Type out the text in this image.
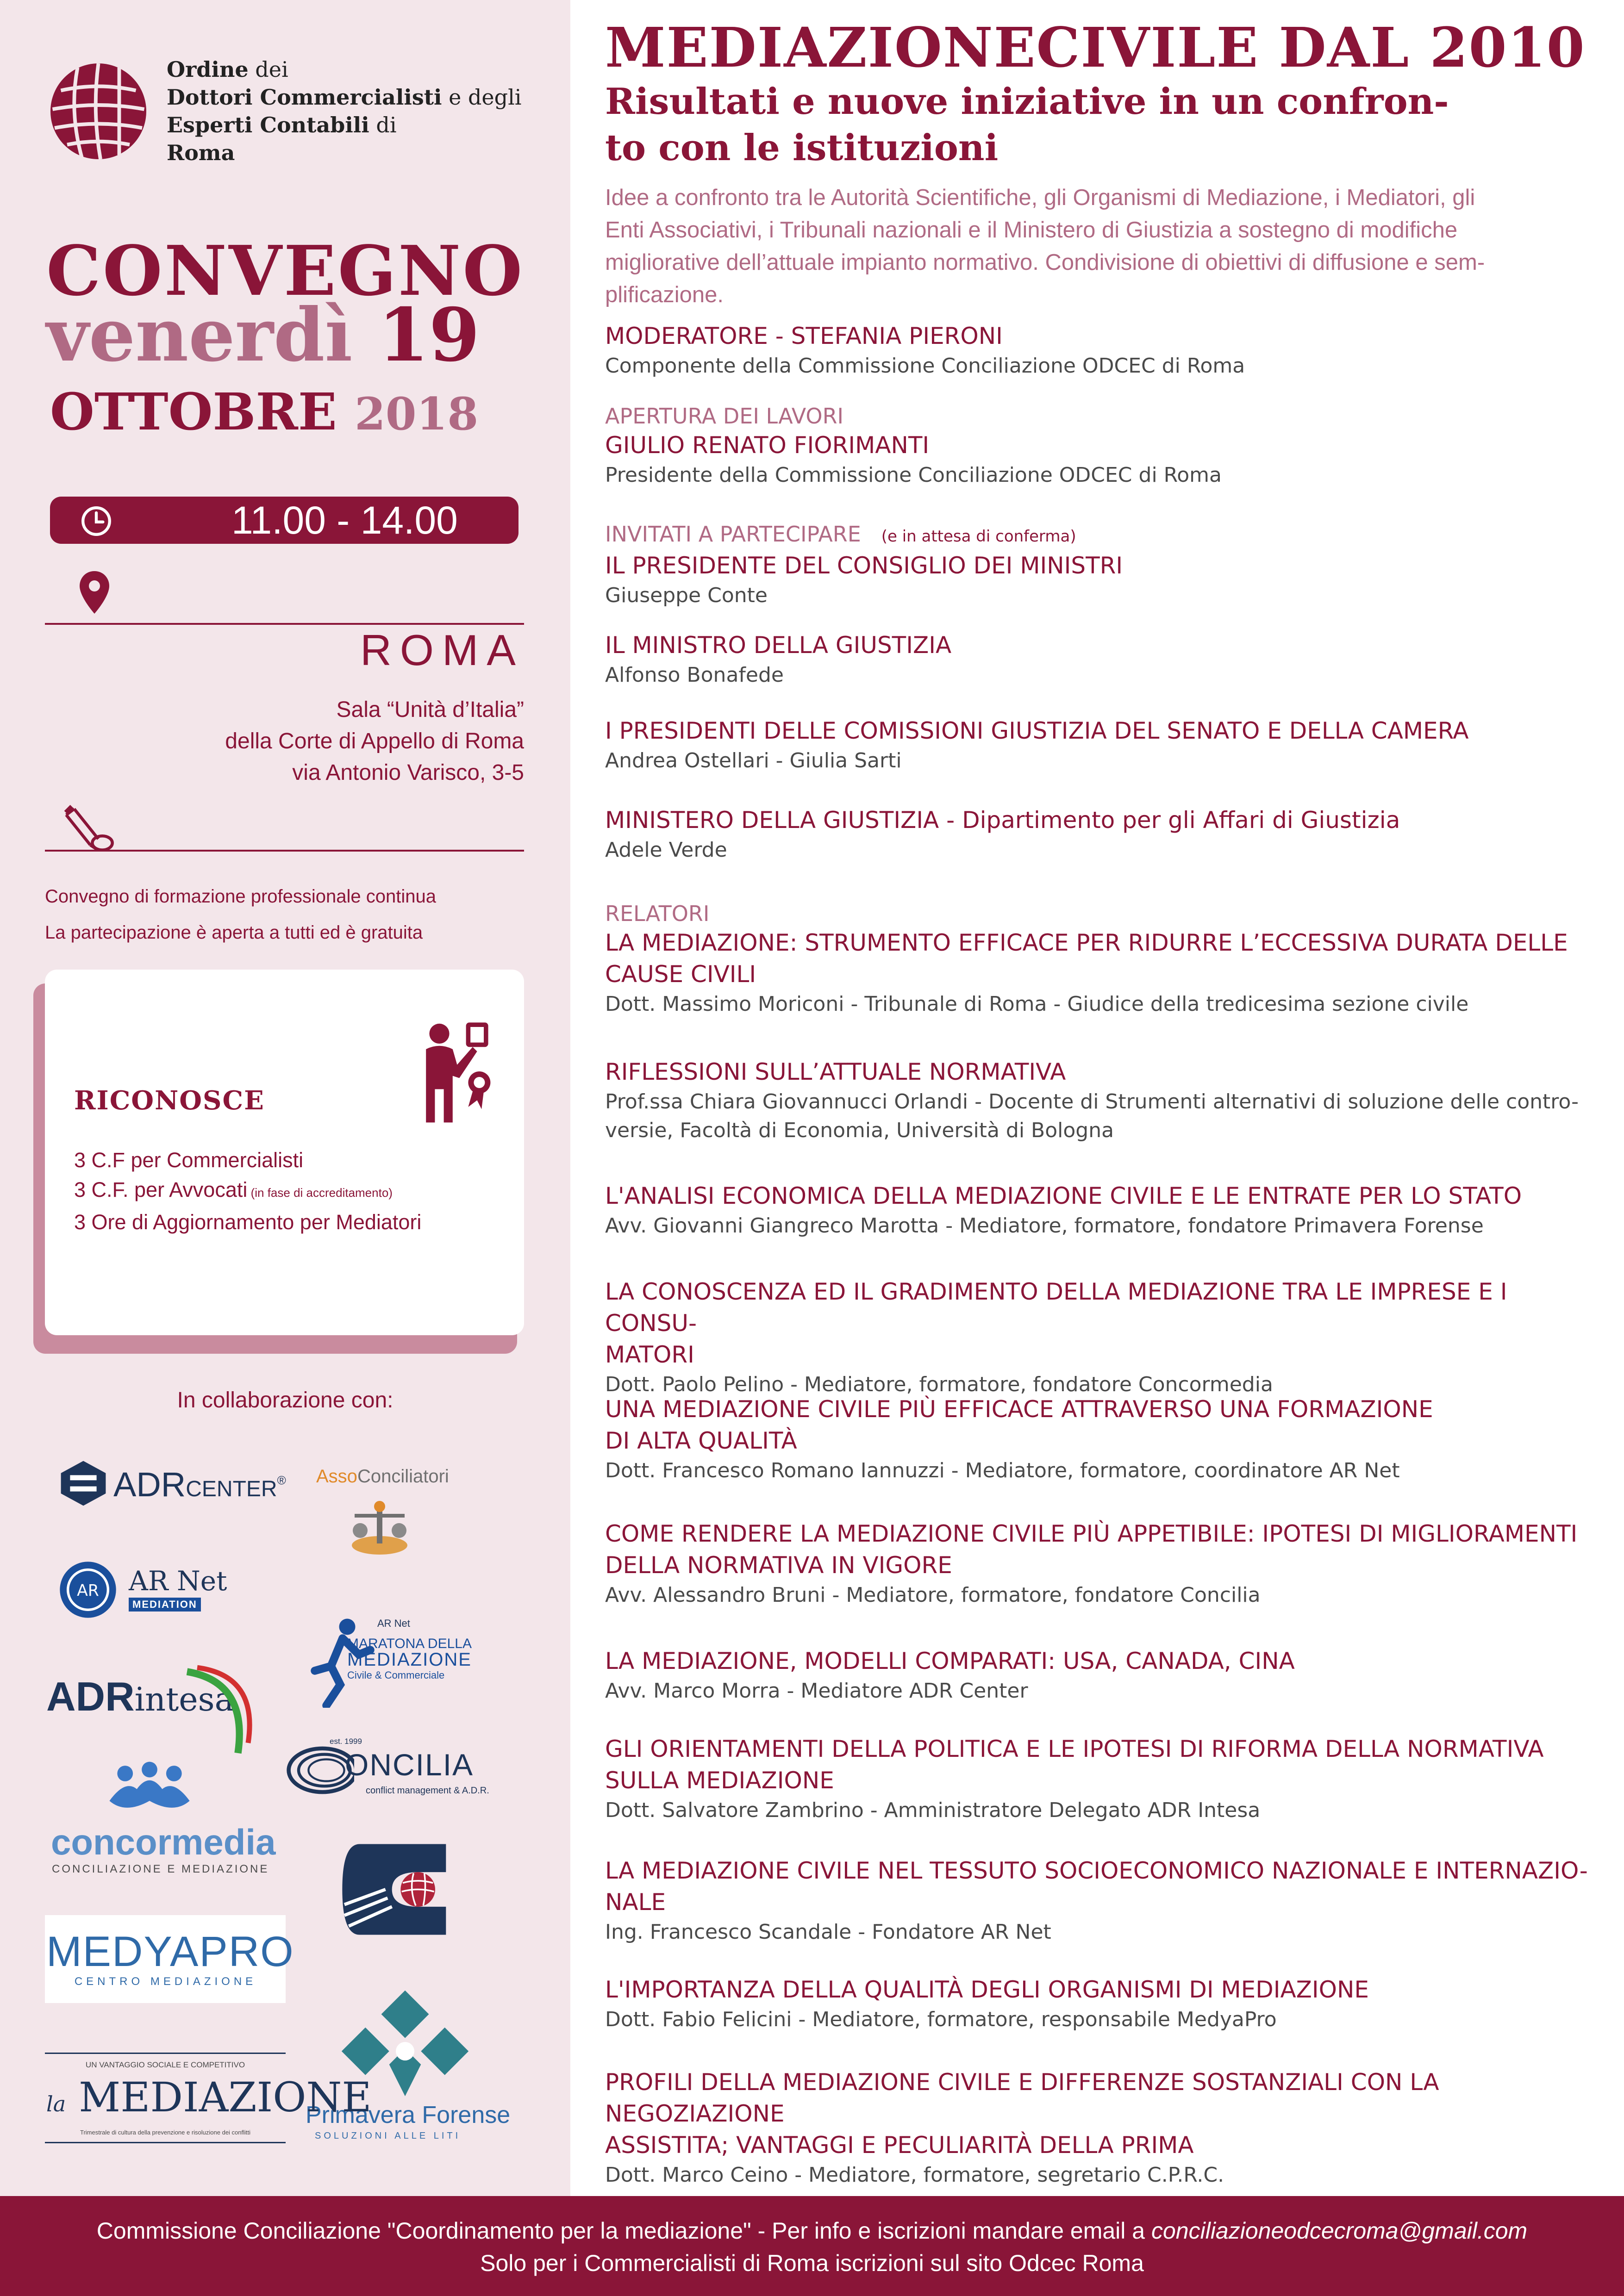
Ordine dei
Dottori Commercialisti e degli
Esperti Contabili di
Roma
CONVEGNO
venerdì 19
OTTOBRE 2018
11.00 - 14.00
ROMA
Sala “Unità d’Italia”
della Corte di Appello di Roma
via Antonio Varisco, 3-5
Convegno di formazione professionale continua
La partecipazione è aperta a tutti ed è gratuita
RICONOSCE
3 C.F per Commercialisti
3 C.F. per Avvocati (in fase di accreditamento)
3 Ore di Aggiornamento per Mediatori
In collaborazione con:
ADRCENTER® AssoConciliatori
AR AR Net
MEDIATION
AR Net
MARATONA DELLA
MEDIAZIONE
Civile & Commerciale
ADRintesa
est. 1999
ONCILIA
conflict management & A.D.R.
concormedia
CONCILIAZIONE E MEDIAZIONE
MEDYAPRO
CENTRO MEDIAZIONE
Primavera Forense
SOLUZIONI ALLE LITI
UN VANTAGGIO SOCIALE E COMPETITIVO
la MEDIAZIONE
Trimestrale di cultura della prevenzione e risoluzione dei conflitti
MEDIAZIONECIVILE DAL 2010
Risultati e nuove iniziative in un confron-
to con le istituzioni
Idee a confronto tra le Autorità Scientifiche, gli Organismi di Mediazione, i Mediatori, gli
Enti Associativi, i Tribunali nazionali e il Ministero di Giustizia a sostegno di modifiche
migliorative dell’attuale impianto normativo. Condivisione di obiettivi di diffusione e sem-
plificazione.
MODERATORE - STEFANIA PIERONI
Componente della Commissione Conciliazione ODCEC di Roma
APERTURA DEI LAVORI
GIULIO RENATO FIORIMANTI
Presidente della Commissione Conciliazione ODCEC di Roma
INVITATI A PARTECIPARE (e in attesa di conferma)
IL PRESIDENTE DEL CONSIGLIO DEI MINISTRI
Giuseppe Conte
IL MINISTRO DELLA GIUSTIZIA
Alfonso Bonafede
I PRESIDENTI DELLE COMISSIONI GIUSTIZIA DEL SENATO E DELLA CAMERA
Andrea Ostellari - Giulia Sarti
MINISTERO DELLA GIUSTIZIA - Dipartimento per gli Affari di Giustizia
Adele Verde
RELATORI
LA MEDIAZIONE: STRUMENTO EFFICACE PER RIDURRE L’ECCESSIVA DURATA DELLE
CAUSE CIVILI
Dott. Massimo Moriconi - Tribunale di Roma - Giudice della tredicesima sezione civile
RIFLESSIONI SULL’ATTUALE NORMATIVA
Prof.ssa Chiara Giovannucci Orlandi - Docente di Strumenti alternativi di soluzione delle contro-
versie, Facoltà di Economia, Università di Bologna
L'ANALISI ECONOMICA DELLA MEDIAZIONE CIVILE E LE ENTRATE PER LO STATO
Avv. Giovanni Giangreco Marotta - Mediatore, formatore, fondatore Primavera Forense
LA CONOSCENZA ED IL GRADIMENTO DELLA MEDIAZIONE TRA LE IMPRESE E I CONSU-
MATORI
Dott. Paolo Pelino - Mediatore, formatore, fondatore Concormedia
UNA MEDIAZIONE CIVILE PIÙ EFFICACE ATTRAVERSO UNA FORMAZIONE
DI ALTA QUALITÀ
Dott. Francesco Romano Iannuzzi - Mediatore, formatore, coordinatore AR Net
COME RENDERE LA MEDIAZIONE CIVILE PIÙ APPETIBILE: IPOTESI DI MIGLIORAMENTI
DELLA NORMATIVA IN VIGORE
Avv. Alessandro Bruni - Mediatore, formatore, fondatore Concilia
LA MEDIAZIONE, MODELLI COMPARATI: USA, CANADA, CINA
Avv. Marco Morra - Mediatore ADR Center
GLI ORIENTAMENTI DELLA POLITICA E LE IPOTESI DI RIFORMA DELLA NORMATIVA
SULLA MEDIAZIONE
Dott. Salvatore Zambrino - Amministratore Delegato ADR Intesa
LA MEDIAZIONE CIVILE NEL TESSUTO SOCIOECONOMICO NAZIONALE E INTERNAZIO-
NALE
Ing. Francesco Scandale - Fondatore AR Net
L'IMPORTANZA DELLA QUALITÀ DEGLI ORGANISMI DI MEDIAZIONE
Dott. Fabio Felicini - Mediatore, formatore, responsabile MedyaPro
PROFILI DELLA MEDIAZIONE CIVILE E DIFFERENZE SOSTANZIALI CON LA NEGOZIAZIONE
ASSISTITA; VANTAGGI E PECULIARITÀ DELLA PRIMA
Dott. Marco Ceino - Mediatore, formatore, segretario C.P.R.C.
Commissione Conciliazione "Coordinamento per la mediazione" - Per info e iscrizioni mandare email a conciliazioneodcecroma@gmail.com
Solo per i Commercialisti di Roma iscrizioni sul sito Odcec Roma
